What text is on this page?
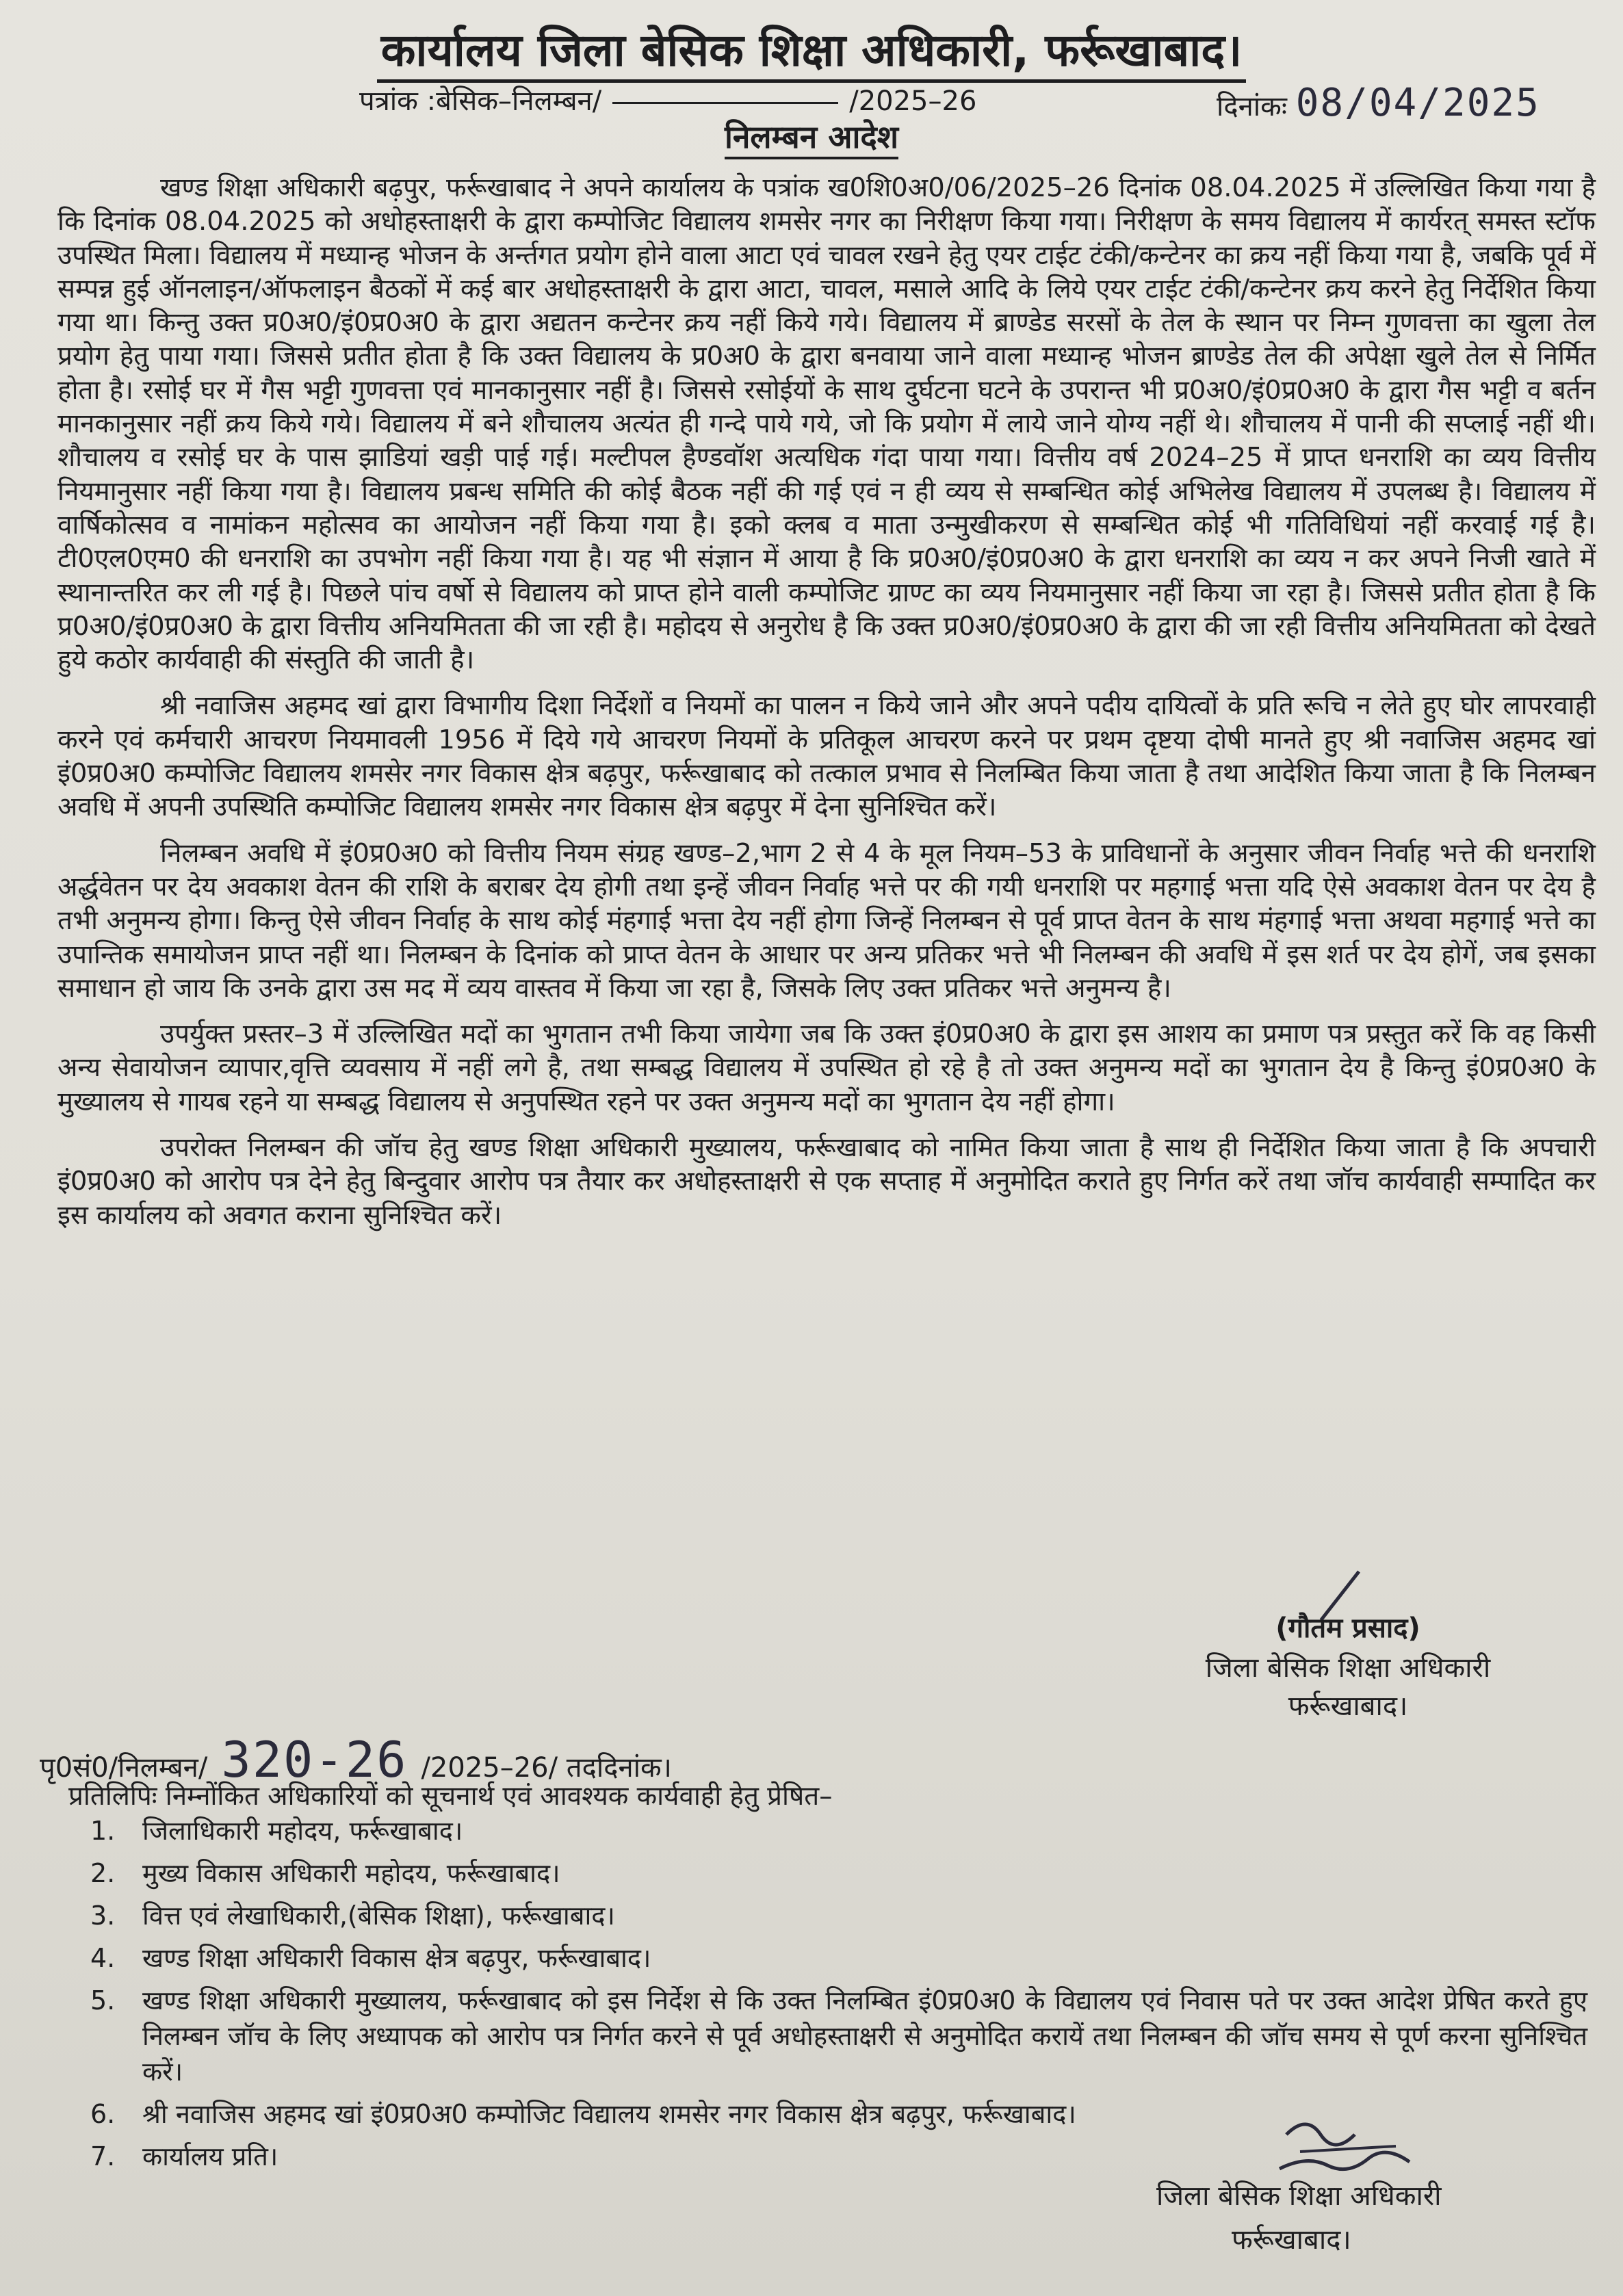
कार्यालय जिला बेसिक शिक्षा अधिकारी, फर्रूखाबाद।
पत्रांक :बेसिक–निलम्बन/	/2025–26	दिनांकः 08/04/2025
निलम्बन आदेश

खण्ड शिक्षा अधिकारी बढ़पुर, फर्रूखाबाद ने अपने कार्यालय के पत्रांक ख0शि0अ0/06/2025–26 दिनांक 08.04.2025 में उल्लिखित किया गया है कि दिनांक 08.04.2025 को अधोहस्ताक्षरी के द्वारा कम्पोजिट विद्यालय शमसेर नगर का निरीक्षण किया गया। निरीक्षण के समय विद्यालय में कार्यरत् समस्त स्टॉफ उपस्थित मिला। विद्यालय में मध्यान्ह भोजन के अर्न्तगत प्रयोग होने वाला आटा एवं चावल रखने हेतु एयर टाईट टंकी/कन्टेनर का क्रय नहीं किया गया है, जबकि पूर्व में सम्पन्न हुई ऑनलाइन/ऑफलाइन बैठकों में कई बार अधोहस्ताक्षरी के द्वारा आटा, चावल, मसाले आदि के लिये एयर टाईट टंकी/कन्टेनर क्रय करने हेतु निर्देशित किया गया था। किन्तु उक्त प्र0अ0/इं0प्र0अ0 के द्वारा अद्यतन कन्टेनर क्रय नहीं किये गये। विद्यालय में ब्राण्डेड सरसों के तेल के स्थान पर निम्न गुणवत्ता का खुला तेल प्रयोग हेतु पाया गया। जिससे प्रतीत होता है कि उक्त विद्यालय के प्र0अ0 के द्वारा बनवाया जाने वाला मध्यान्ह भोजन ब्राण्डेड तेल की अपेक्षा खुले तेल से निर्मित होता है। रसोई घर में गैस भट्टी गुणवत्ता एवं मानकानुसार नहीं है। जिससे रसोईयों के साथ दुर्घटना घटने के उपरान्त भी प्र0अ0/इं0प्र0अ0 के द्वारा गैस भट्टी व बर्तन मानकानुसार नहीं क्रय किये गये। विद्यालय में बने शौचालय अत्यंत ही गन्दे पाये गये, जो कि प्रयोग में लाये जाने योग्य नहीं थे। शौचालय में पानी की सप्लाई नहीं थी। शौचालय व रसोई घर के पास झाडियां खड़ी पाई गई। मल्टीपल हैण्डवॉश अत्यधिक गंदा पाया गया। वित्तीय वर्ष 2024–25 में प्राप्त धनराशि का व्यय वित्तीय नियमानुसार नहीं किया गया है। विद्यालय प्रबन्ध समिति की कोई बैठक नहीं की गई एवं न ही व्यय से सम्बन्धित कोई अभिलेख विद्यालय में उपलब्ध है। विद्यालय में वार्षिकोत्सव व नामांकन महोत्सव का आयोजन नहीं किया गया है। इको क्लब व माता उन्मुखीकरण से सम्बन्धित कोई भी गतिविधियां नहीं करवाई गई है। टी0एल0एम0 की धनराशि का उपभोग नहीं किया गया है। यह भी संज्ञान में आया है कि प्र0अ0/इं0प्र0अ0 के द्वारा धनराशि का व्यय न कर अपने निजी खाते में स्थानान्तरित कर ली गई है। पिछले पांच वर्षो से विद्यालय को प्राप्त होने वाली कम्पोजिट ग्राण्ट का व्यय नियमानुसार नहीं किया जा रहा है। जिससे प्रतीत होता है कि प्र0अ0/इं0प्र0अ0 के द्वारा वित्तीय अनियमितता की जा रही है। महोदय से अनुरोध है कि उक्त प्र0अ0/इं0प्र0अ0 के द्वारा की जा रही वित्तीय अनियमितता को देखते हुये कठोर कार्यवाही की संस्तुति की जाती है।

श्री नवाजिस अहमद खां द्वारा विभागीय दिशा निर्देशों व नियमों का पालन न किये जाने और अपने पदीय दायित्वों के प्रति रूचि न लेते हुए घोर लापरवाही करने एवं कर्मचारी आचरण नियमावली 1956 में दिये गये आचरण नियमों के प्रतिकूल आचरण करने पर प्रथम दृष्टया दोषी मानते हुए श्री नवाजिस अहमद खां इं0प्र0अ0 कम्पोजिट विद्यालय शमसेर नगर विकास क्षेत्र बढ़पुर, फर्रूखाबाद को तत्काल प्रभाव से निलम्बित किया जाता है तथा आदेशित किया जाता है कि निलम्बन अवधि में अपनी उपस्थिति कम्पोजिट विद्यालय शमसेर नगर विकास क्षेत्र बढ़पुर में देना सुनिश्चित करें।

निलम्बन अवधि में इं0प्र0अ0 को वित्तीय नियम संग्रह खण्ड–2,भाग 2 से 4 के मूल नियम–53 के प्राविधानों के अनुसार जीवन निर्वाह भत्ते की धनराशि अर्द्धवेतन पर देय अवकाश वेतन की राशि के बराबर देय होगी तथा इन्हें जीवन निर्वाह भत्ते पर की गयी धनराशि पर महगाई भत्ता यदि ऐसे अवकाश वेतन पर देय है तभी अनुमन्य होगा। किन्तु ऐसे जीवन निर्वाह के साथ कोई मंहगाई भत्ता देय नहीं होगा जिन्हें निलम्बन से पूर्व प्राप्त वेतन के साथ मंहगाई भत्ता अथवा महगाई भत्ते का उपान्तिक समायोजन प्राप्त नहीं था। निलम्बन के दिनांक को प्राप्त वेतन के आधार पर अन्य प्रतिकर भत्ते भी निलम्बन की अवधि में इस शर्त पर देय होगें, जब इसका समाधान हो जाय कि उनके द्वारा उस मद में व्यय वास्तव में किया जा रहा है, जिसके लिए उक्त प्रतिकर भत्ते अनुमन्य है।

उपर्युक्त प्रस्तर–3 में उल्लिखित मदों का भुगतान तभी किया जायेगा जब कि उक्त इं0प्र0अ0 के द्वारा इस आशय का प्रमाण पत्र प्रस्तुत करें कि वह किसी अन्य सेवायोजन व्यापार,वृत्ति व्यवसाय में नहीं लगे है, तथा सम्बद्ध विद्यालय में उपस्थित हो रहे है तो उक्त अनुमन्य मदों का भुगतान देय है किन्तु इं0प्र0अ0 के मुख्यालय से गायब रहने या सम्बद्ध विद्यालय से अनुपस्थित रहने पर उक्त अनुमन्य मदों का भुगतान देय नहीं होगा।

उपरोक्त निलम्बन की जॉच हेतु खण्ड शिक्षा अधिकारी मुख्यालय, फर्रूखाबाद को नामित किया जाता है साथ ही निर्देशित किया जाता है कि अपचारी इं0प्र0अ0 को आरोप पत्र देने हेतु बिन्दुवार आरोप पत्र तैयार कर अधोहस्ताक्षरी से एक सप्ताह में अनुमोदित कराते हुए निर्गत करें तथा जॉच कार्यवाही सम्पादित कर इस कार्यालय को अवगत कराना सुनिश्चित करें।

(गौतम प्रसाद)
जिला बेसिक शिक्षा अधिकारी
फर्रूखाबाद।
पृ0सं0/निलम्बन/ 320-26 /2025–26/ तददिनांक।
प्रतिलिपिः निम्नोंकित अधिकारियों को सूचनार्थ एवं आवश्यक कार्यवाही हेतु प्रेषित–
1.	जिलाधिकारी महोदय, फर्रूखाबाद।
2.	मुख्य विकास अधिकारी महोदय, फर्रूखाबाद।
3.	वित्त एवं लेखाधिकारी,(बेसिक शिक्षा), फर्रूखाबाद।
4.	खण्ड शिक्षा अधिकारी विकास क्षेत्र बढ़पुर, फर्रूखाबाद।
5.	खण्ड शिक्षा अधिकारी मुख्यालय, फर्रूखाबाद को इस निर्देश से कि उक्त निलम्बित इं0प्र0अ0 के विद्यालय एवं निवास पते पर उक्त आदेश प्रेषित करते हुए निलम्बन जॉच के लिए अध्यापक को आरोप पत्र निर्गत करने से पूर्व अधोहस्ताक्षरी से अनुमोदित करायें तथा निलम्बन की जॉच समय से पूर्ण करना सुनिश्चित करें।
6.	श्री नवाजिस अहमद खां इं0प्र0अ0 कम्पोजिट विद्यालय शमसेर नगर विकास क्षेत्र बढ़पुर, फर्रूखाबाद।
7.	कार्यालय प्रति।
जिला बेसिक शिक्षा अधिकारी
फर्रूखाबाद।
